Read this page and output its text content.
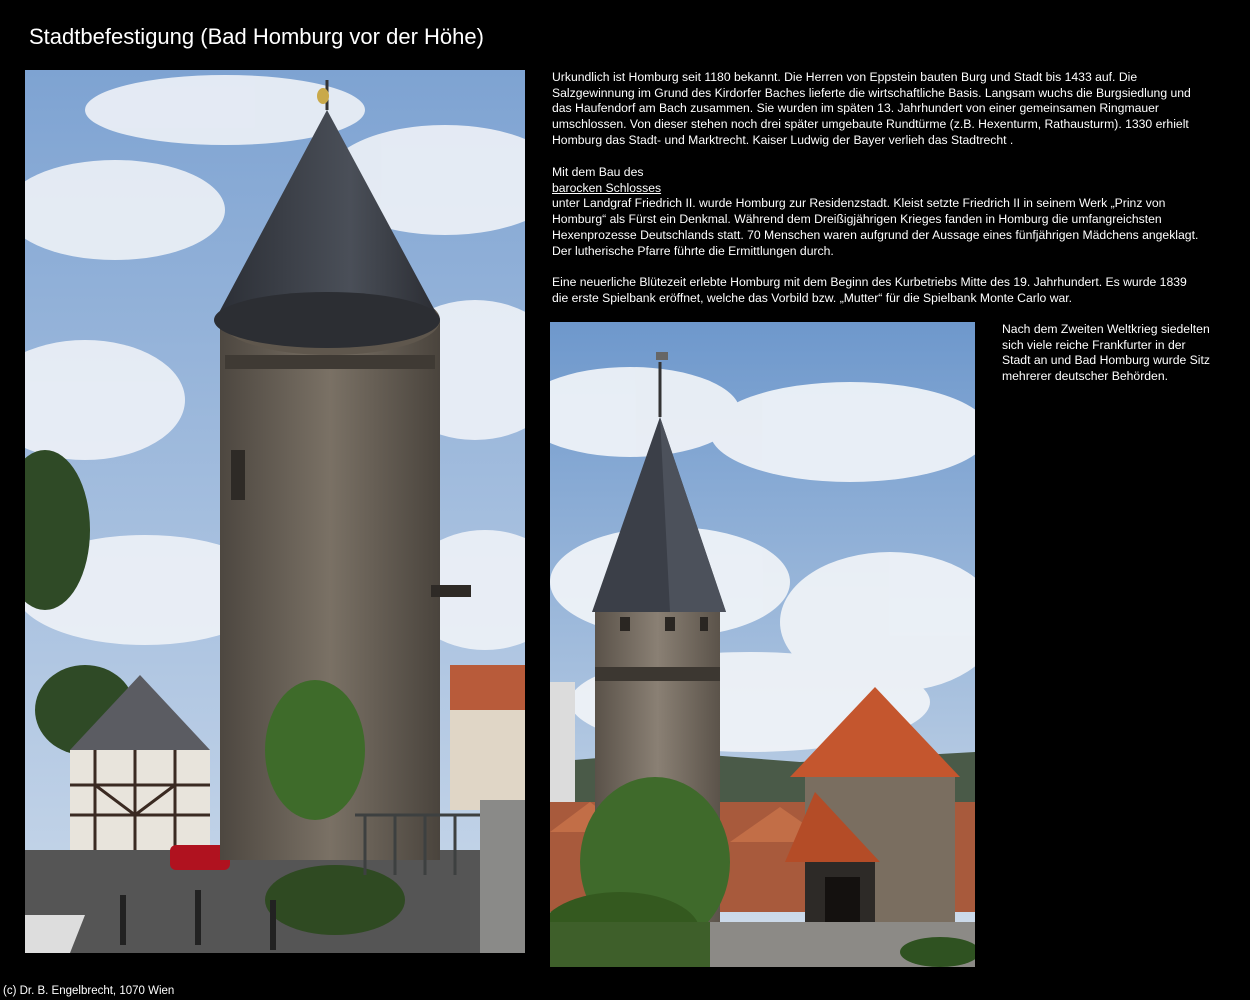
Stadtbefestigung (Bad Homburg vor der Höhe)

Urkundlich ist Homburg seit 1180 bekannt. Die Herren von Eppstein bauten Burg und Stadt bis 1433 auf. Die Salzgewinnung im Grund des Kirdorfer Baches lieferte die wirtschaftliche Basis. Langsam wuchs die Burgsiedlung und das Haufendorf am Bach zusammen. Sie wurden im späten 13. Jahrhundert von einer gemeinsamen Ringmauer umschlossen. Von dieser stehen noch drei später umgebaute Rundtürme (z.B. Hexenturm, Rathausturm). 1330 erhielt Homburg das Stadt- und Marktrecht. Kaiser Ludwig der Bayer verlieh das Stadtrecht .

Mit dem Bau des

barocken Schlosses

unter Landgraf Friedrich II. wurde Homburg zur Residenzstadt. Kleist setzte Friedrich II in seinem Werk „Prinz von Homburg“ als Fürst ein Denkmal. Während dem Dreißigjährigen Krieges fanden in Homburg die umfangreichsten Hexenprozesse Deutschlands statt. 70 Menschen waren aufgrund der Aussage eines fünfjährigen Mädchens angeklagt. Der lutherische Pfarre führte die Ermittlungen durch.

Eine neuerliche Blütezeit erlebte Homburg mit dem Beginn des Kurbetriebs Mitte des 19. Jahrhundert. Es wurde 1839 die erste Spielbank eröffnet, welche das Vorbild bzw. „Mutter“ für die Spielbank Monte Carlo war.

Nach dem Zweiten Weltkrieg siedelten sich viele reiche Frankfurter in der Stadt an und Bad Homburg wurde Sitz mehrerer deutscher Behörden.

(c) Dr. B. Engelbrecht, 1070 Wien
